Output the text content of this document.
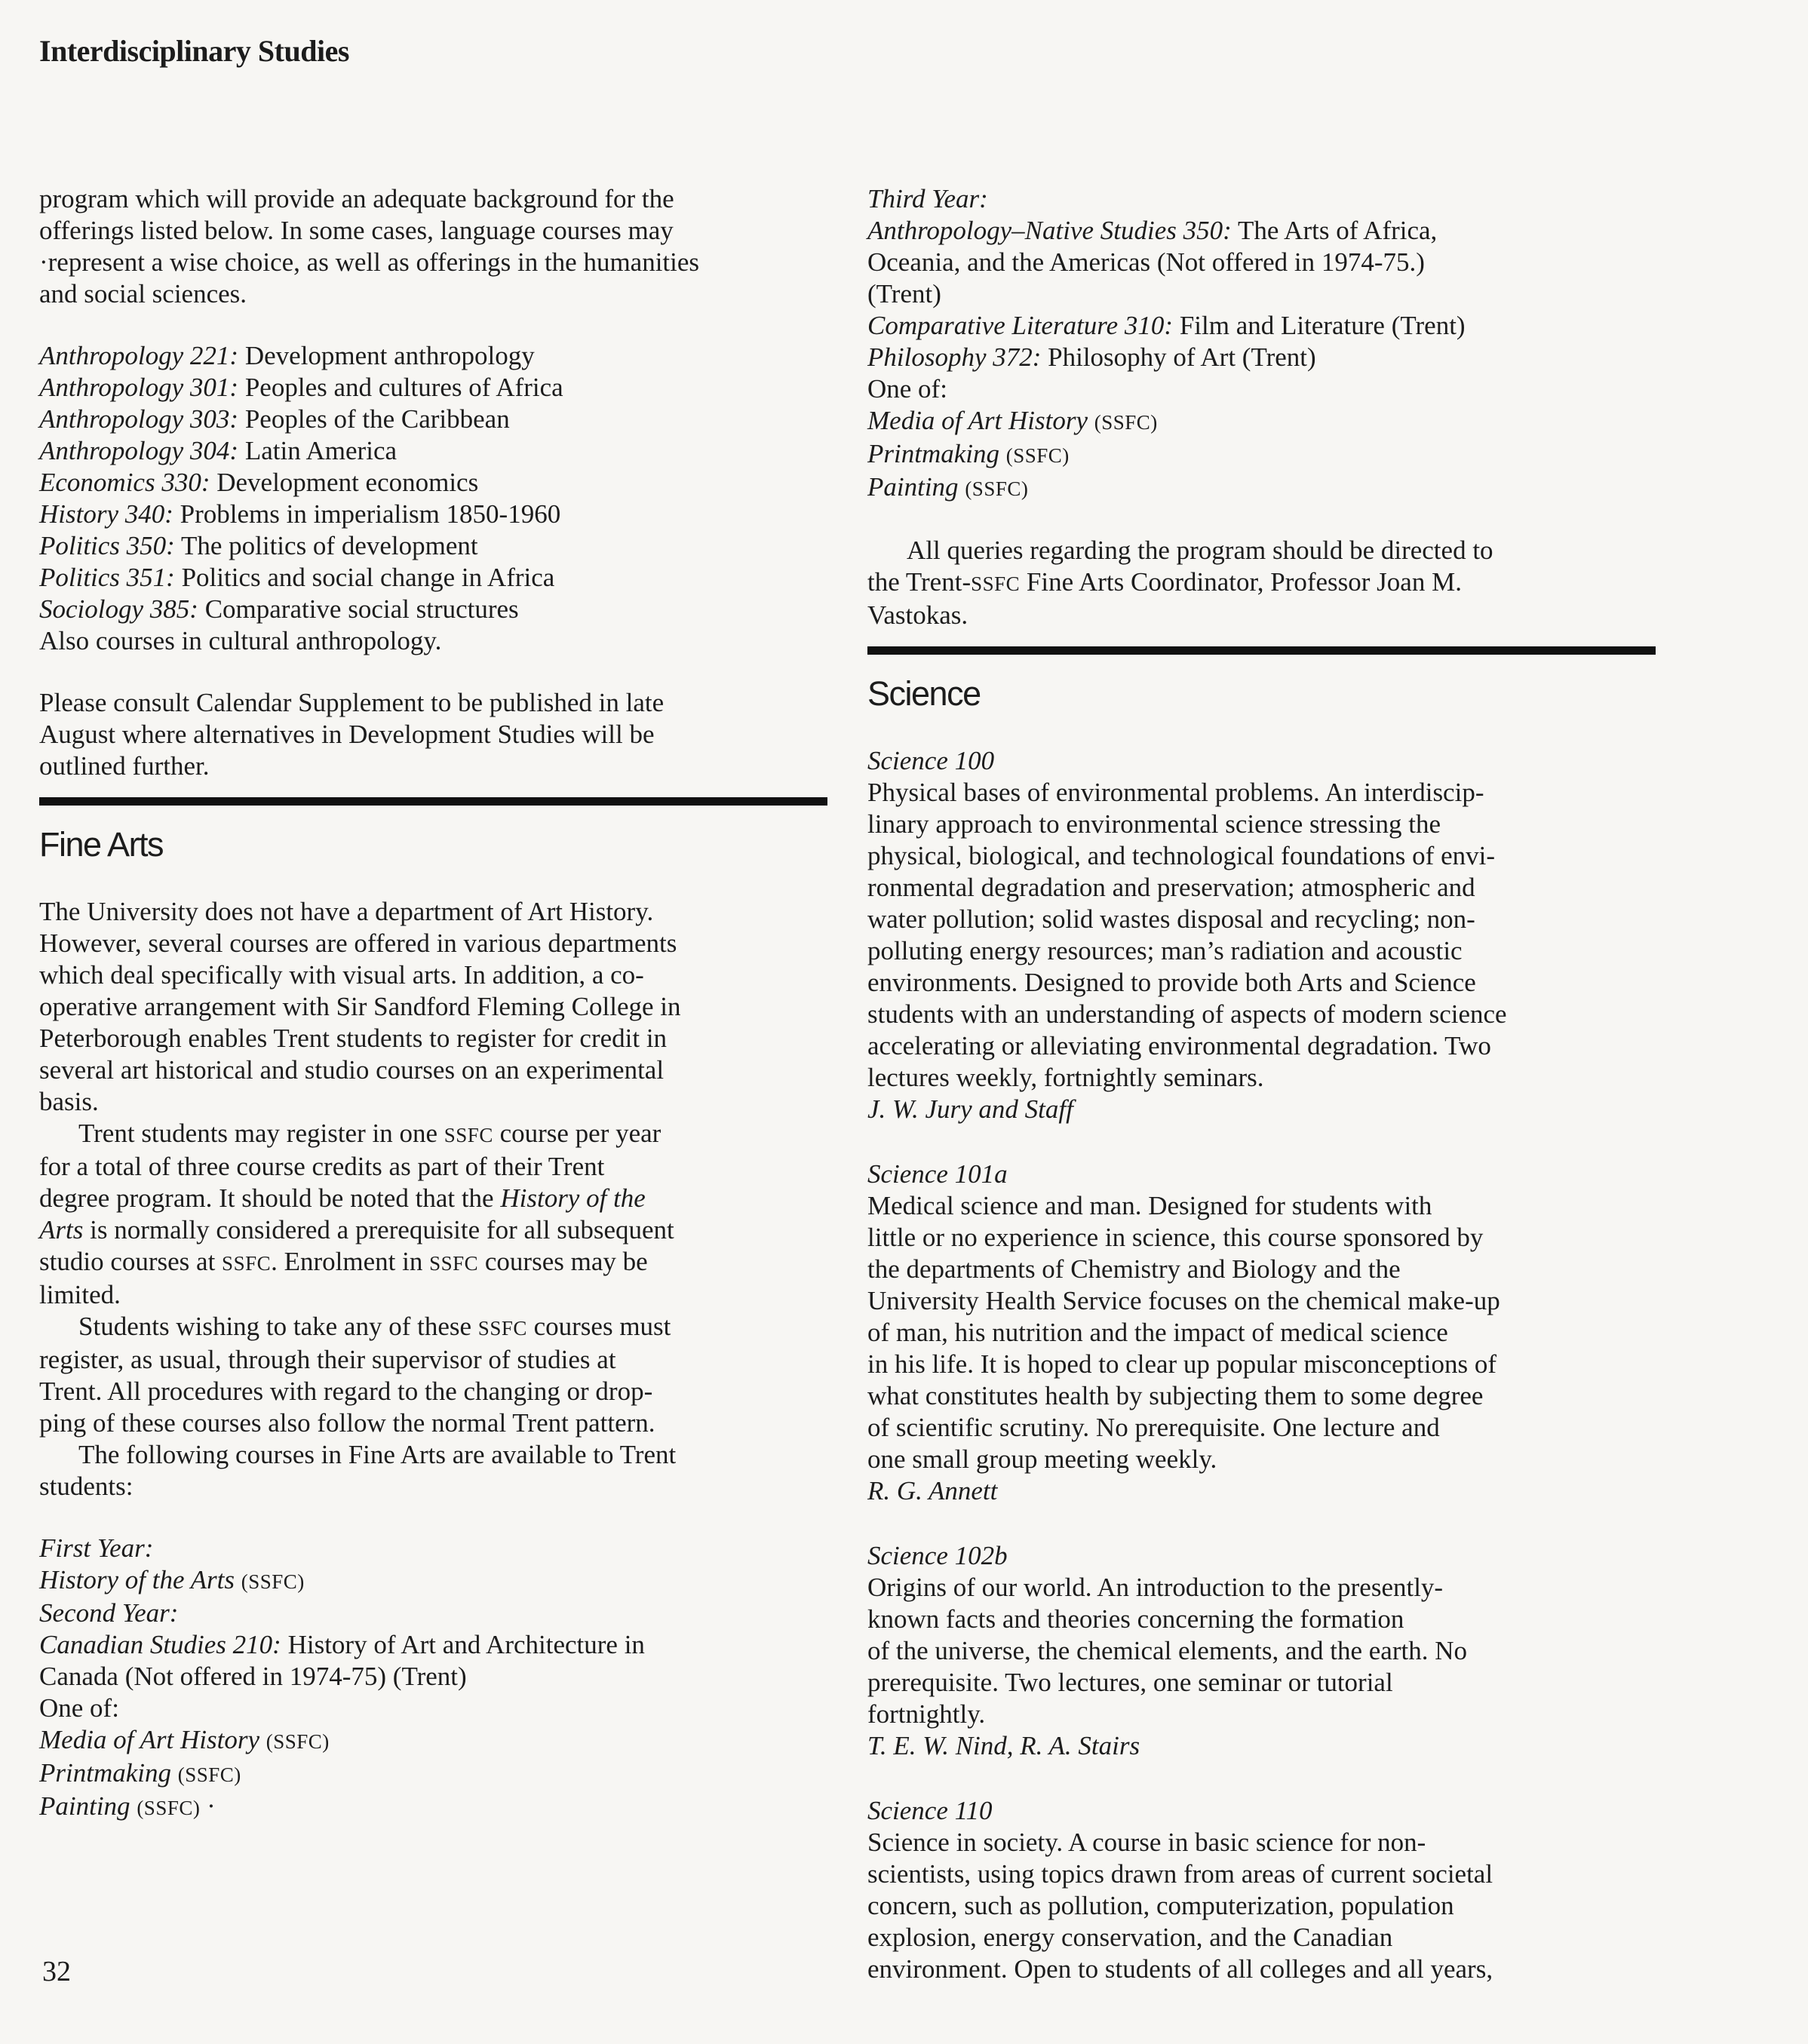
Interdisciplinary Studies

program which will provide an adequate background for the

offerings listed below. In some cases, language courses may

·represent a wise choice, as well as offerings in the humanities

and social sciences.

Anthropology 221: Development anthropology

Anthropology 301: Peoples and cultures of Africa

Anthropology 303: Peoples of the Caribbean

Anthropology 304: Latin America

Economics 330: Development economics

History 340: Problems in imperialism 1850-1960

Politics 350: The politics of development

Politics 351: Politics and social change in Africa

Sociology 385: Comparative social structures

Also courses in cultural anthropology.

Please consult Calendar Supplement to be published in late

August where alternatives in Development Studies will be

outlined further.

Fine Arts

The University does not have a department of Art History.

However, several courses are offered in various departments

which deal specifically with visual arts. In addition, a co-

operative arrangement with Sir Sandford Fleming College in

Peterborough enables Trent students to register for credit in

several art historical and studio courses on an experimental

basis.

Trent students may register in one SSFC course per year

for a total of three course credits as part of their Trent

degree program. It should be noted that the History of the

Arts is normally considered a prerequisite for all subsequent

studio courses at SSFC. Enrolment in SSFC courses may be

limited.

Students wishing to take any of these SSFC courses must

register, as usual, through their supervisor of studies at

Trent. All procedures with regard to the changing or drop-

ping of these courses also follow the normal Trent pattern.

The following courses in Fine Arts are available to Trent

students:

First Year:

History of the Arts (SSFC)

Second Year:

Canadian Studies 210: History of Art and Architecture in

Canada (Not offered in 1974-75) (Trent)

One of:

Media of Art History (SSFC)

Printmaking (SSFC)

Painting (SSFC) ·

Third Year:

Anthropology–Native Studies 350: The Arts of Africa,

Oceania, and the Americas (Not offered in 1974-75.)

(Trent)

Comparative Literature 310: Film and Literature (Trent)

Philosophy 372: Philosophy of Art (Trent)

One of:

Media of Art History (SSFC)

Printmaking (SSFC)

Painting (SSFC)

All queries regarding the program should be directed to

the Trent-SSFC Fine Arts Coordinator, Professor Joan M.

Vastokas.

Science

Science 100

Physical bases of environmental problems. An interdiscip-

linary approach to environmental science stressing the

physical, biological, and technological foundations of envi-

ronmental degradation and preservation; atmospheric and

water pollution; solid wastes disposal and recycling; non-

polluting energy resources; man’s radiation and acoustic

environments. Designed to provide both Arts and Science

students with an understanding of aspects of modern science

accelerating or alleviating environmental degradation. Two

lectures weekly, fortnightly seminars.

J. W. Jury and Staff

Science 101a

Medical science and man. Designed for students with

little or no experience in science, this course sponsored by

the departments of Chemistry and Biology and the

University Health Service focuses on the chemical make-up

of man, his nutrition and the impact of medical science

in his life. It is hoped to clear up popular misconceptions of

what constitutes health by subjecting them to some degree

of scientific scrutiny. No prerequisite. One lecture and

one small group meeting weekly.

R. G. Annett

Science 102b

Origins of our world. An introduction to the presently-

known facts and theories concerning the formation

of the universe, the chemical elements, and the earth. No

prerequisite. Two lectures, one seminar or tutorial

fortnightly.

T. E. W. Nind, R. A. Stairs

Science 110

Science in society. A course in basic science for non-

scientists, using topics drawn from areas of current societal

concern, such as pollution, computerization, population

explosion, energy conservation, and the Canadian

environment. Open to students of all colleges and all years,

32
